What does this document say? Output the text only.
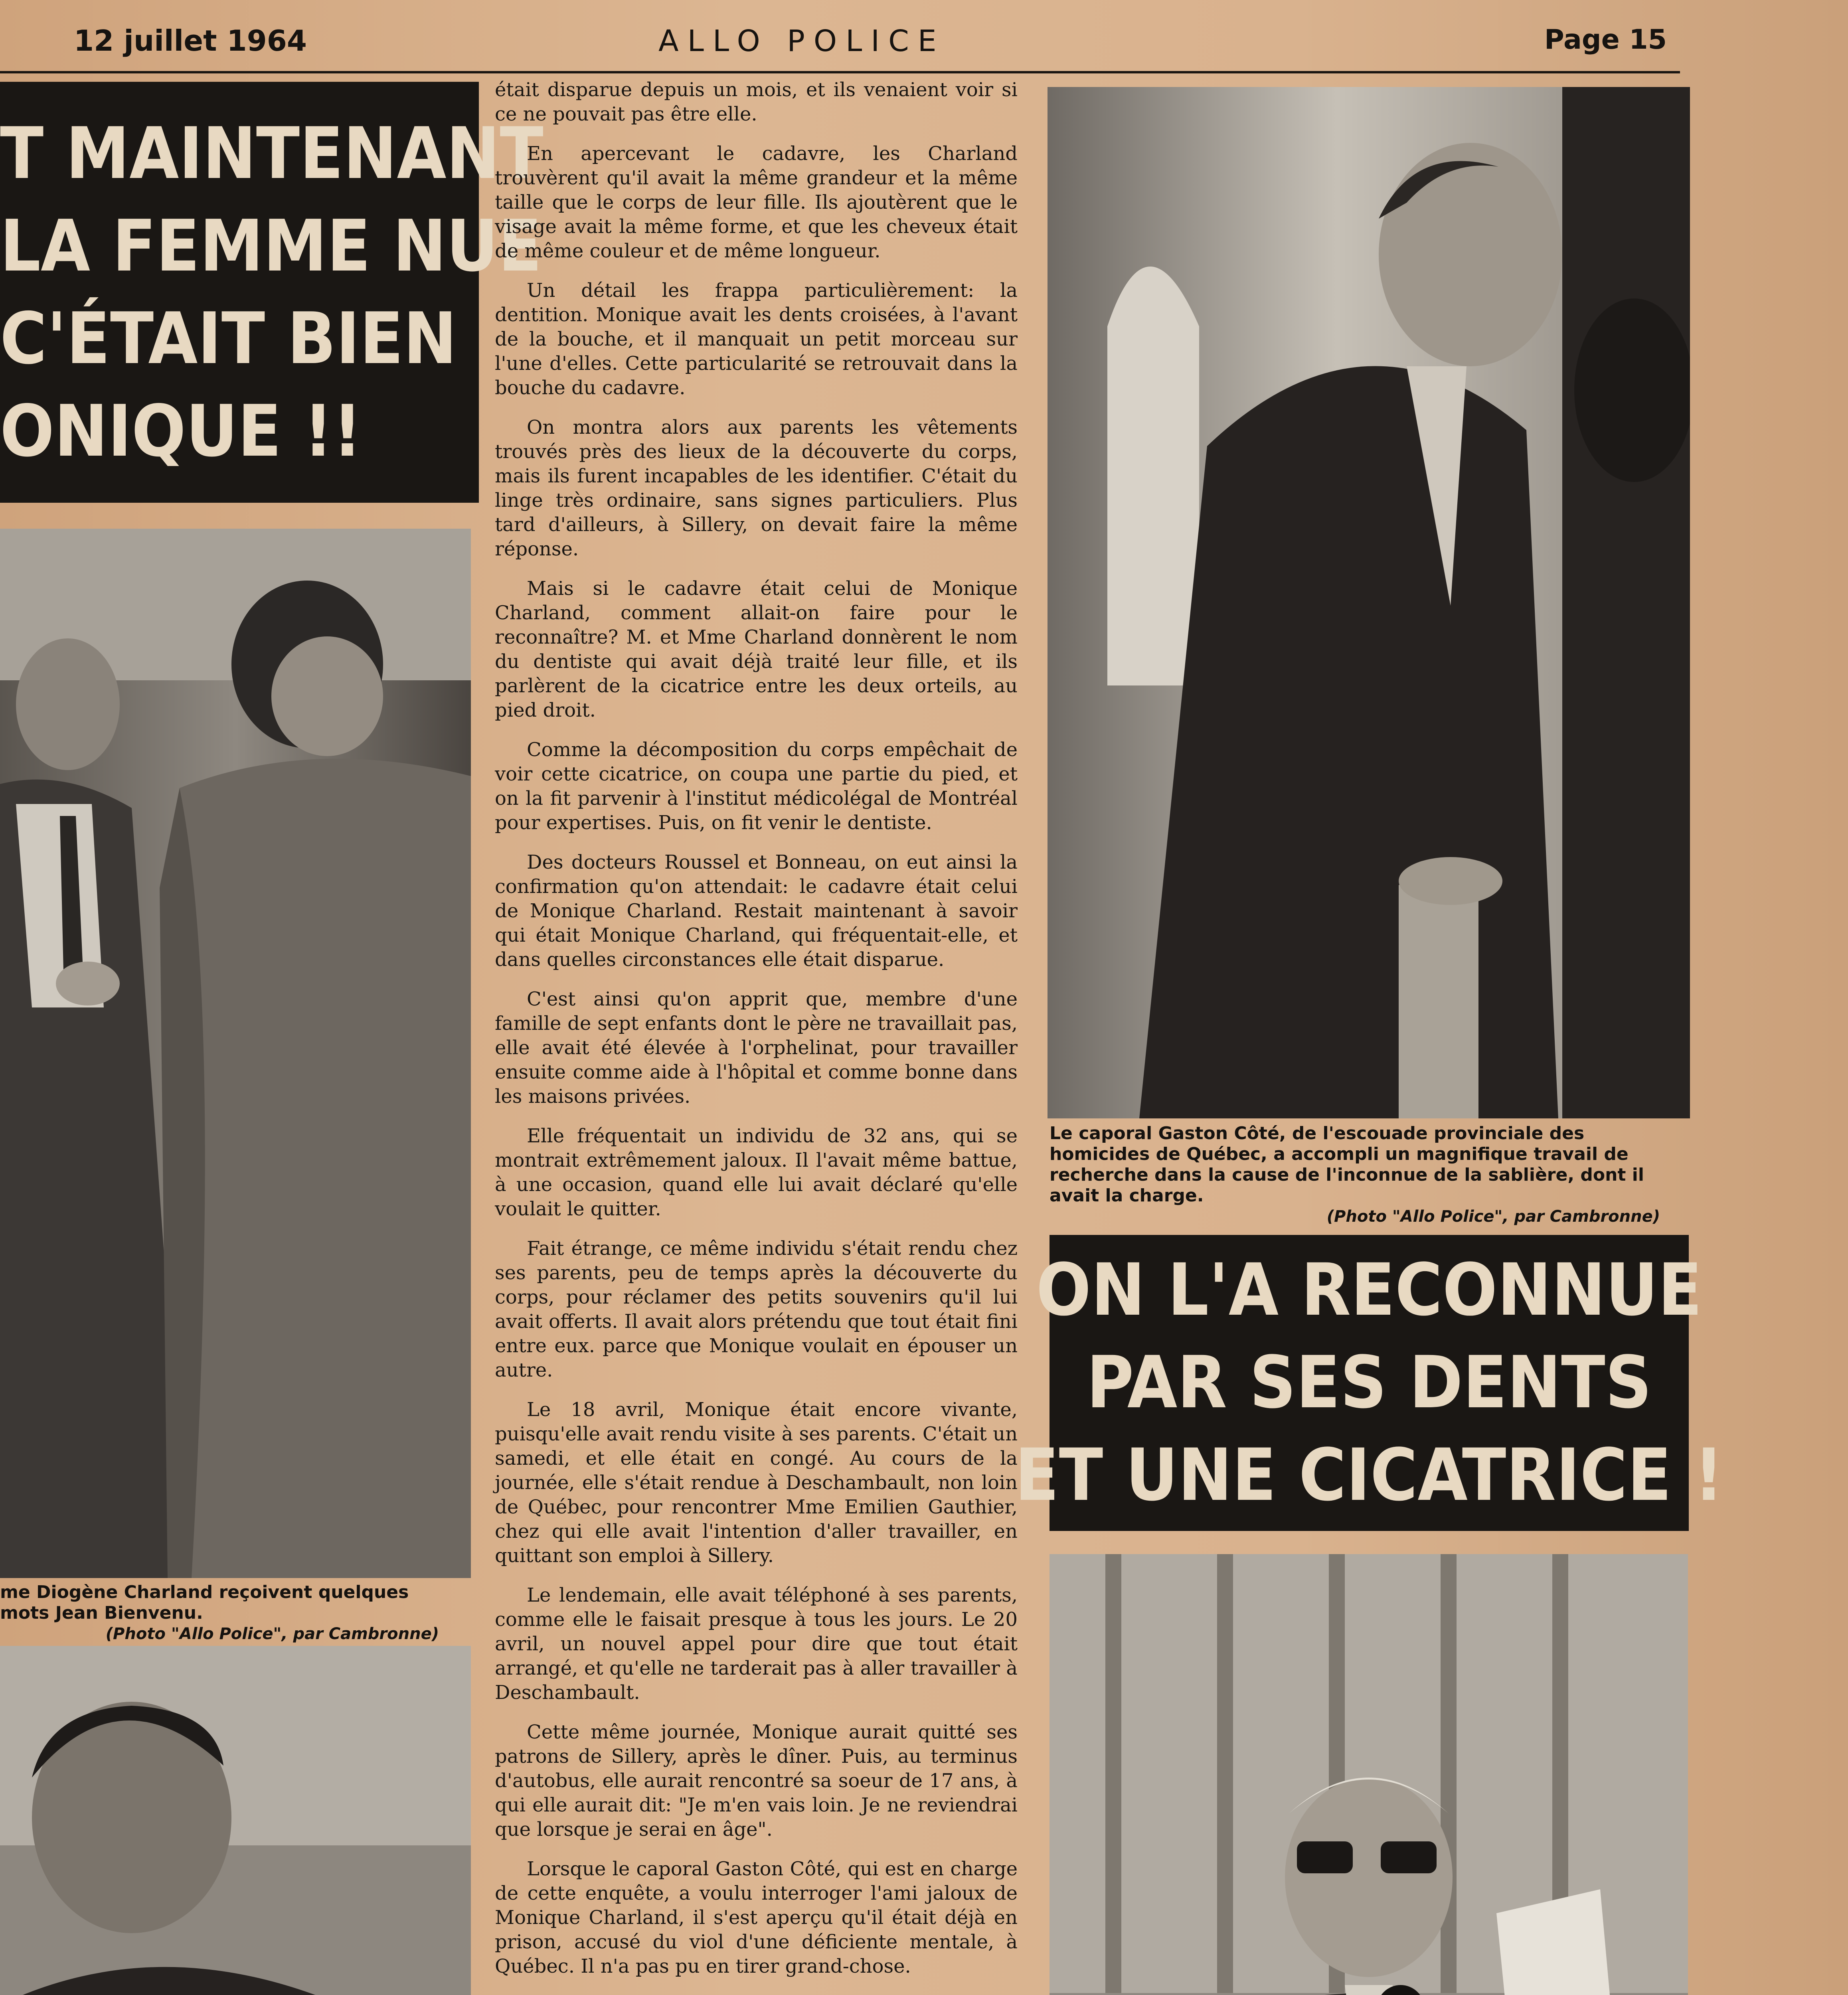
12 juillet 1964	ALLO POLICE	Page 15
T MAINTENANT
LA FEMME NUE
C'ÉTAIT BIEN
ONIQUE !!
me Diogène Charland reçoivent quelques mots Jean Bienvenu.
(Photo "Allo Police", par Cambronne)

était disparue depuis un mois, et ils venaient voir si ce ne pouvait pas être elle.

En apercevant le cadavre, les Charland trouvèrent qu'il avait la même grandeur et la même taille que le corps de leur fille. Ils ajoutèrent que le visage avait la même forme, et que les cheveux était de même couleur et de même longueur.

Un détail les frappa particulièrement: la dentition. Monique avait les dents croisées, à l'avant de la bouche, et il manquait un petit morceau sur l'une d'elles. Cette particularité se retrouvait dans la bouche du cadavre.

On montra alors aux parents les vêtements trouvés près des lieux de la découverte du corps, mais ils furent incapables de les identifier. C'était du linge très ordinaire, sans signes particuliers. Plus tard d'ailleurs, à Sillery, on devait faire la même réponse.

Mais si le cadavre était celui de Monique Charland, comment allait-on faire pour le reconnaître? M. et Mme Charland donnèrent le nom du dentiste qui avait déjà traité leur fille, et ils parlèrent de la cicatrice entre les deux orteils, au pied droit.

Comme la décomposition du corps empêchait de voir cette cicatrice, on coupa une partie du pied, et on la fit parvenir à l'institut médicolégal de Montréal pour expertises. Puis, on fit venir le dentiste.

Des docteurs Roussel et Bonneau, on eut ainsi la confirmation qu'on attendait: le cadavre était celui de Monique Charland. Restait maintenant à savoir qui était Monique Charland, qui fréquentait-elle, et dans quelles circonstances elle était disparue.

C'est ainsi qu'on apprit que, membre d'une famille de sept enfants dont le père ne travaillait pas, elle avait été élevée à l'orphelinat, pour travailler ensuite comme aide à l'hôpital et comme bonne dans les maisons privées.

Elle fréquentait un individu de 32 ans, qui se montrait extrêmement jaloux. Il l'avait même battue, à une occasion, quand elle lui avait déclaré qu'elle voulait le quitter.

Fait étrange, ce même individu s'était rendu chez ses parents, peu de temps après la découverte du corps, pour réclamer des petits souvenirs qu'il lui avait offerts. Il avait alors prétendu que tout était fini entre eux. parce que Monique voulait en épouser un autre.

Le 18 avril, Monique était encore vivante, puisqu'elle avait rendu visite à ses parents. C'était un samedi, et elle était en congé. Au cours de la journée, elle s'était rendue à Deschambault, non loin de Québec, pour rencontrer Mme Emilien Gauthier, chez qui elle avait l'intention d'aller travailler, en quittant son emploi à Sillery.

Le lendemain, elle avait téléphoné à ses parents, comme elle le faisait presque à tous les jours. Le 20 avril, un nouvel appel pour dire que tout était arrangé, et qu'elle ne tarderait pas à aller travailler à Deschambault.

Cette même journée, Monique aurait quitté ses patrons de Sillery, après le dîner. Puis, au terminus d'autobus, elle aurait rencontré sa soeur de 17 ans, à qui elle aurait dit: "Je m'en vais loin. Je ne reviendrai que lorsque je serai en âge".

Lorsque le caporal Gaston Côté, qui est en charge de cette enquête, a voulu interroger l'ami jaloux de Monique Charland, il s'est aperçu qu'il était déjà en prison, accusé du viol d'une déficiente mentale, à Québec. Il n'a pas pu en tirer grand-chose.

Le caporal Gaston Côté, de l'escouade provinciale des homicides de Québec, a accompli un magnifique travail de recherche dans la cause de l'inconnue de la sablière, dont il avait la charge.
(Photo "Allo Police", par Cambronne)
ON L'A RECONNUE
PAR SES DENTS
ET UNE CICATRICE !
